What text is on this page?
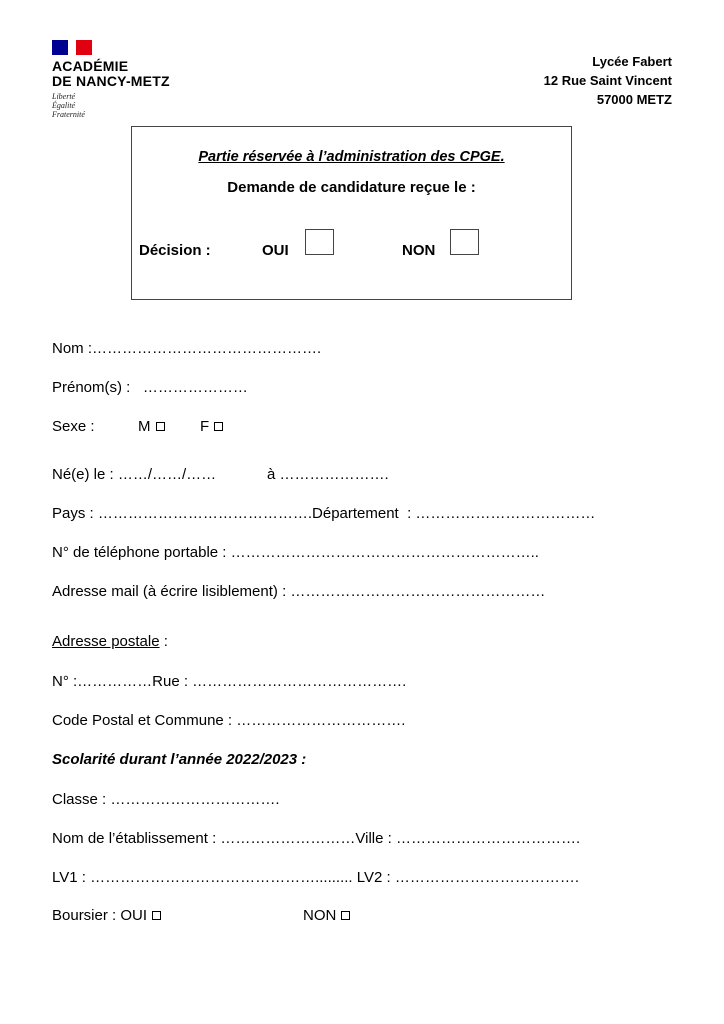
ACADÉMIE
DE NANCY-METZ
Liberté
Égalité
Fraternité
Lycée Fabert
12 Rue Saint Vincent
57000 METZ
Partie réservée à l’administration des CPGE.
Demande de candidature reçue le :
Décision :	OUI	NON
Nom :……………………………………….
Prénom(s) :   …………………
Sexe :	M	F
Né(e) le : ……/……/……	à ………………….
Pays : …………………………………….Département  : ………………………………
N° de téléphone portable : ……………………………………………………..
Adresse mail (à écrire lisiblement) : ……………………………………………
Adresse postale :
N° :……………Rue : …………………………………….
Code Postal et Commune : …………………………….
Scolarité durant l’année 2022/2023 :
Classe : …………………………….
Nom de l’établissement : ………………………Ville : ……………………………….
LV1 : ………………………………………......... LV2 : ……………………………….
Boursier : OUI	NON
